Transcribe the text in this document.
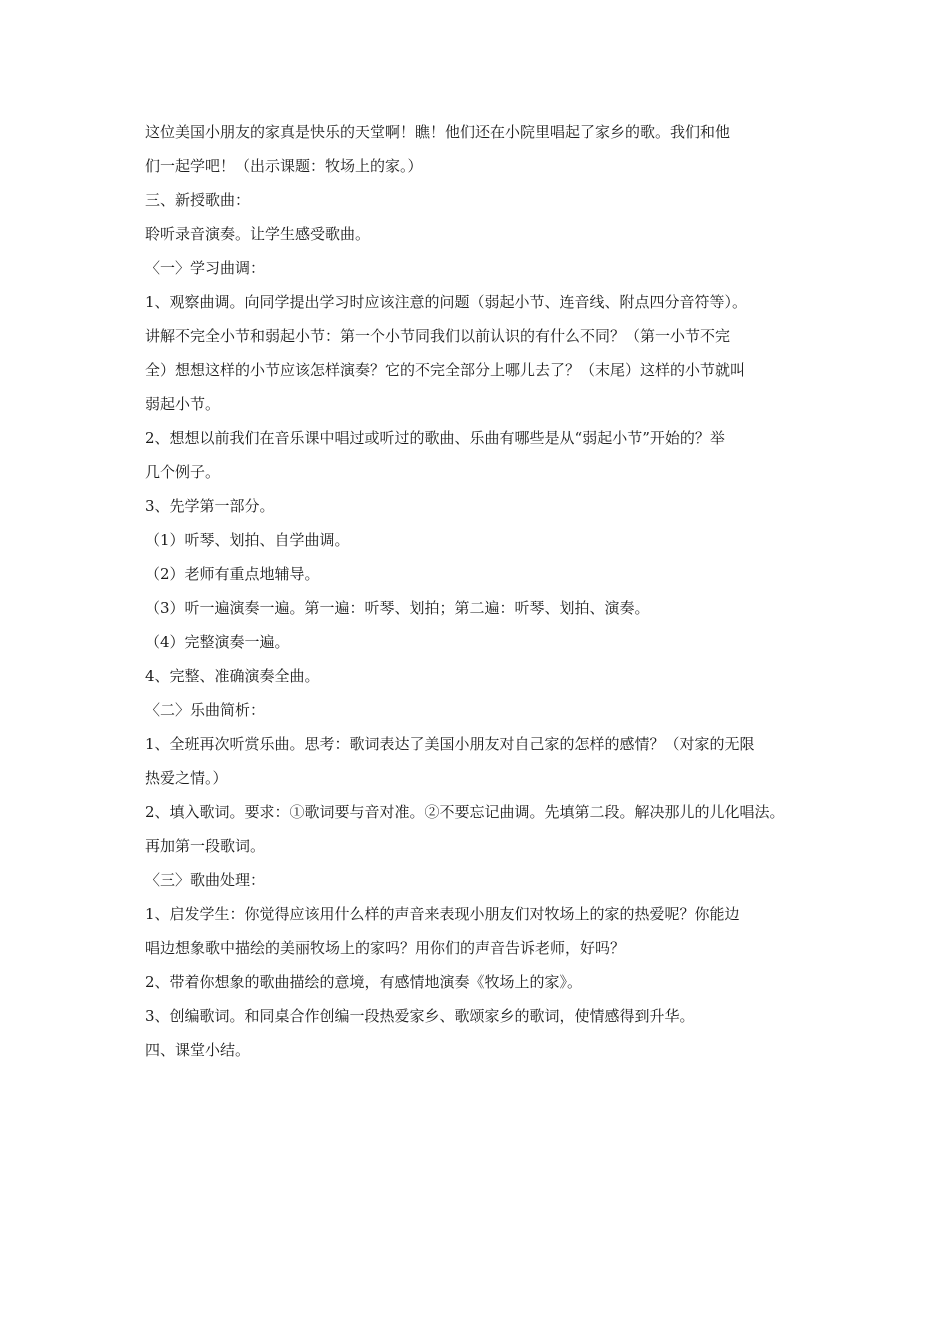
这位美国小朋友的家真是快乐的天堂啊！瞧！他们还在小院里唱起了家乡的歌。我们和他
们一起学吧！（出示课题：牧场上的家。）
三、新授歌曲：
聆听录音演奏。让学生感受歌曲。
〈一〉学习曲调：
1、观察曲调。向同学提出学习时应该注意的问题（弱起小节、连音线、附点四分音符等）。
讲解不完全小节和弱起小节：第一个小节同我们以前认识的有什么不同？（第一小节不完
全）想想这样的小节应该怎样演奏？它的不完全部分上哪儿去了？（末尾）这样的小节就叫
弱起小节。
2、想想以前我们在音乐课中唱过或听过的歌曲、乐曲有哪些是从“弱起小节”开始的？举
几个例子。
3、先学第一部分。
（1）听琴、划拍、自学曲调。
（2）老师有重点地辅导。
（3）听一遍演奏一遍。第一遍：听琴、划拍；第二遍：听琴、划拍、演奏。
（4）完整演奏一遍。
4、完整、准确演奏全曲。
〈二〉乐曲简析：
1、全班再次听赏乐曲。思考：歌词表达了美国小朋友对自己家的怎样的感情？（对家的无限
热爱之情。）
2、填入歌词。要求：①歌词要与音对准。②不要忘记曲调。先填第二段。解决那儿的儿化唱法。
再加第一段歌词。
〈三〉歌曲处理：
1、启发学生：你觉得应该用什么样的声音来表现小朋友们对牧场上的家的热爱呢？你能边
唱边想象歌中描绘的美丽牧场上的家吗？用你们的声音告诉老师，好吗？
2、带着你想象的歌曲描绘的意境，有感情地演奏《牧场上的家》。
3、创编歌词。和同桌合作创编一段热爱家乡、歌颂家乡的歌词，使情感得到升华。
四、课堂小结。
